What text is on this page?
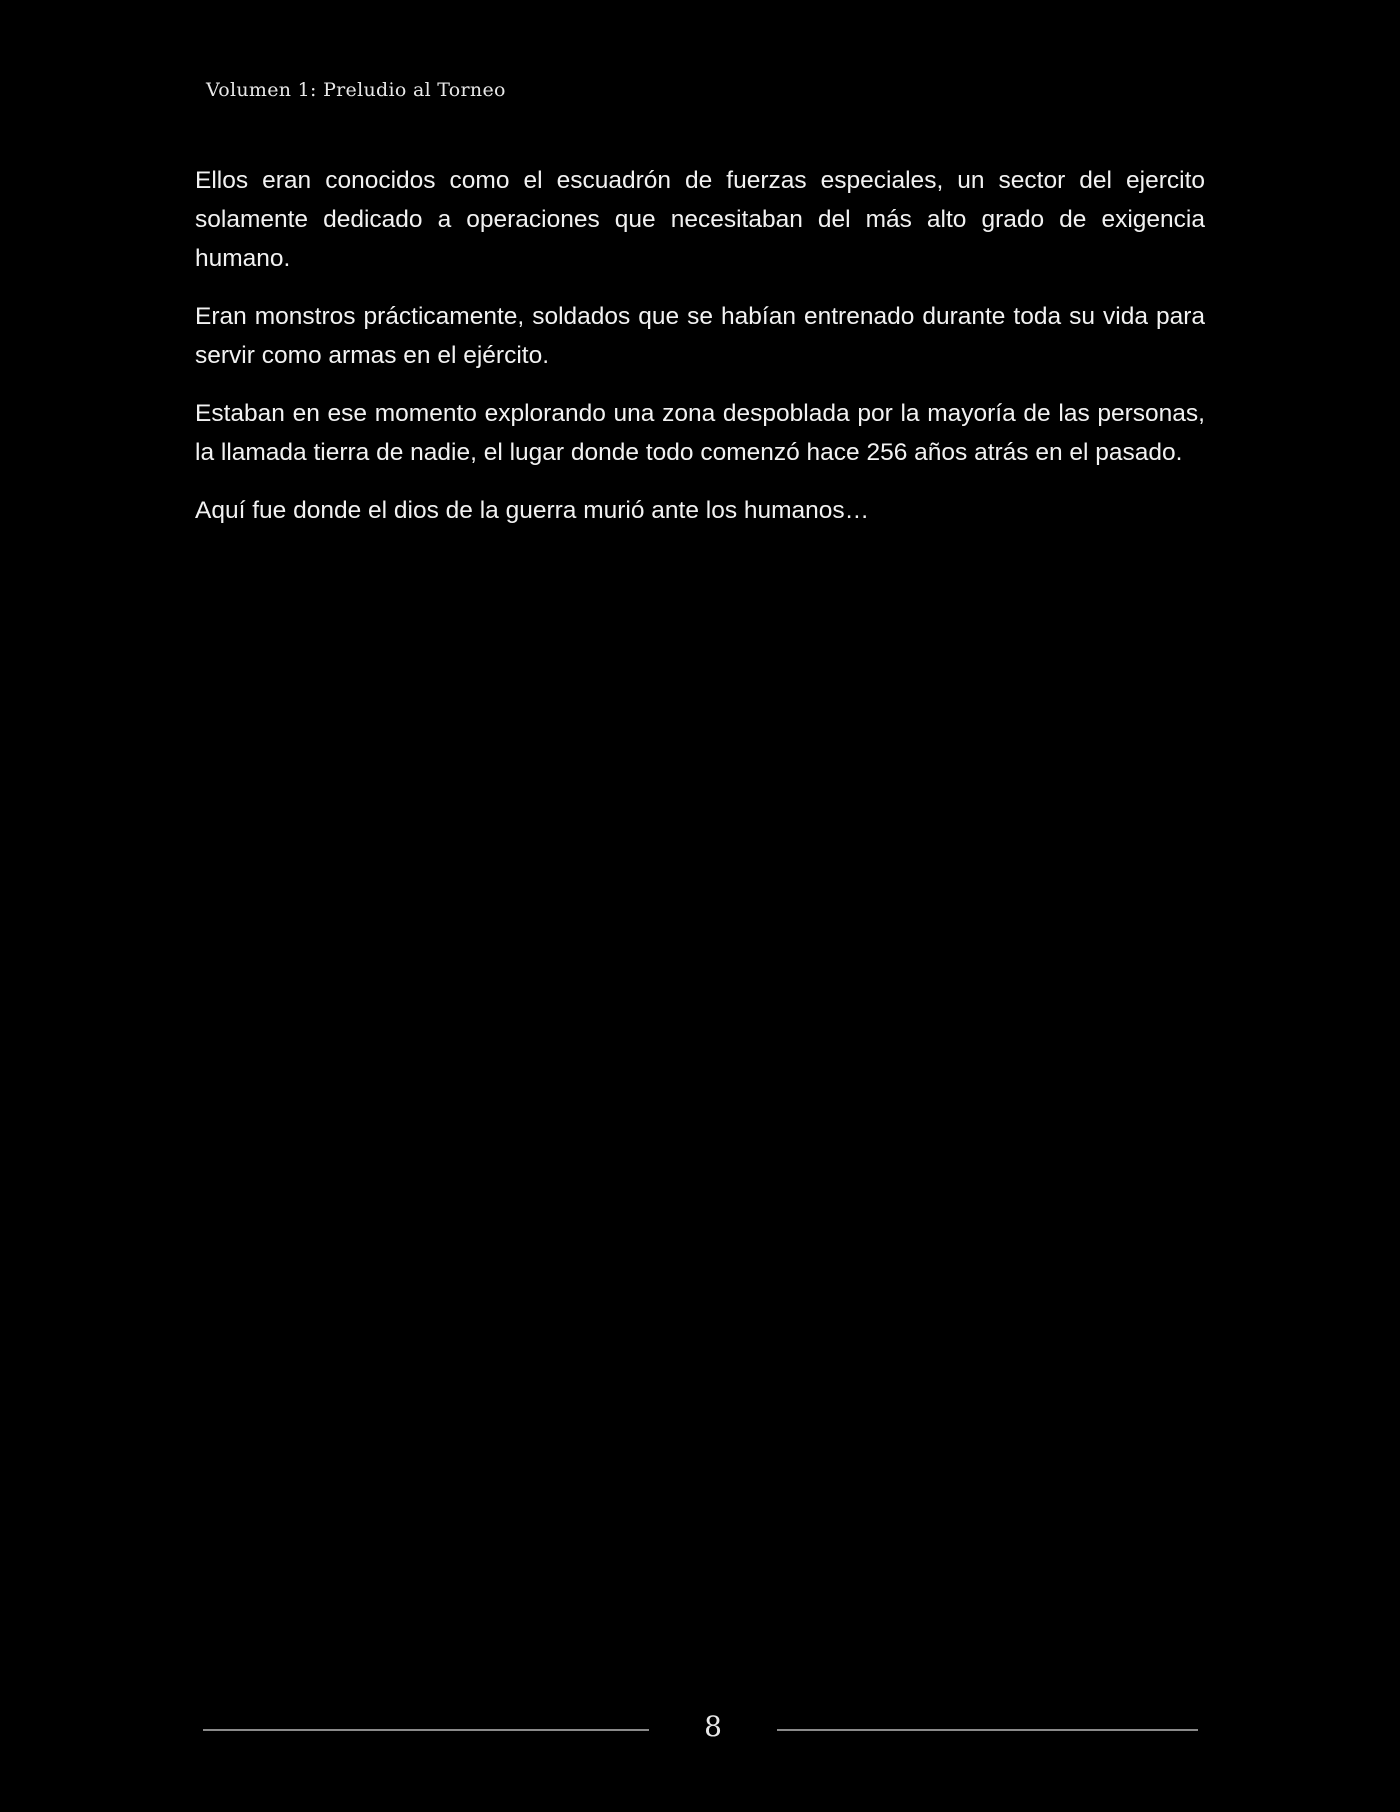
Volumen 1: Preludio al Torneo

Ellos eran conocidos como el escuadrón de fuerzas especiales, un sector del ejercito solamente dedicado a operaciones que necesitaban del más alto grado de exigencia humano.

Eran monstros prácticamente, soldados que se habían entrenado durante toda su vida para servir como armas en el ejército.

Estaban en ese momento explorando una zona despoblada por la mayoría de las personas, la llamada tierra de nadie, el lugar donde todo comenzó hace 256 años atrás en el pasado.

Aquí fue donde el dios de la guerra murió ante los humanos…

8
